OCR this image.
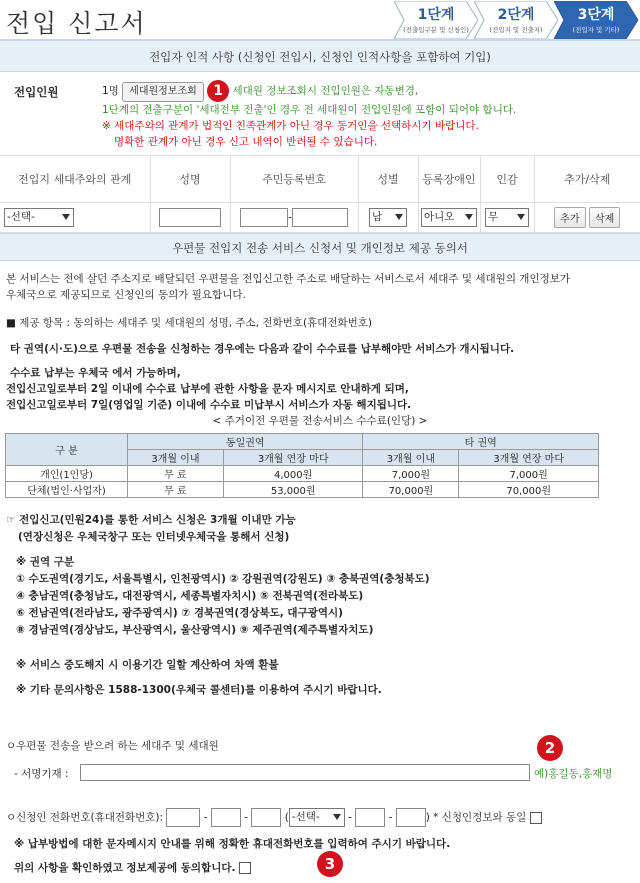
전입 신고서	1단계
(전출입구분 및 신청인)
2단계
(전입지 및 전출지)
3단계
(전입자 및 기타)
전입자 인적 사항 (신청인 전입시, 신청인 인적사항을 포함하여 기입)
전입인원	1명 세대원정보조회 1 세대원 정보조회시 전입인원은 자동변경,
1단계의 전출구분이 '세대전부 전출'인 경우 전 세대원이 전입인원에 포함이 되어야 합니다.
※ 세대주와의 관계가 법적인 친족관계가 아닌 경우 동거인을 선택하시기 바랍니다.
명확한 관계가 아닌 경우 신고 내역이 반려될 수 있습니다.
전입지 세대주와의 관계	성명	주민등록번호	성별	등록장애인	인감	추가/삭제
-선택-		-	남	아니오	무	추가 삭제
우편물 전입지 전송 서비스 신청서 및 개인정보 제공 동의서
본 서비스는 전에 살던 주소지로 배달되던 우편물을 전입신고한 주소로 배달하는 서비스로서 세대주 및 세대원의 개인정보가
우체국으로 제공되므로 신청인의 동의가 필요합니다.
■ 제공 항목 : 동의하는 세대주 및 세대원의 성명, 주소, 전화번호(휴대전화번호)
타 권역(시·도)으로 우편물 전송을 신청하는 경우에는 다음과 같이 수수료를 납부해야만 서비스가 개시됩니다.
수수료 납부는 우체국 에서 가능하며,
전입신고일로부터 2일 이내에 수수료 납부에 관한 사항을 문자 메시지로 안내하게 되며,
전입신고일로부터 7일(영업일 기준) 이내에 수수료 미납부시 서비스가 자동 해지됩니다.
< 주거이전 우편물 전송서비스 수수료(인당) >
구 분	동일권역		타 권역	
	3개월 이내	3개월 연장 마다	3개월 이내	3개월 연장 마다
개인(1인당)	무 료	4,000원	7,000원	7,000원
단체(법인·사업자)	무 료	53,000원	70,000원	70,000원
☞ 전입신고(민원24)를 통한 서비스 신청은 3개월 이내만 가능
(연장신청은 우체국창구 또는 인터넷우체국을 통해서 신청)
※ 권역 구분
① 수도권역(경기도, 서울특별시, 인천광역시) ② 강원권역(강원도) ③ 충북권역(충청북도)
④ 충남권역(충청남도, 대전광역시, 세종특별자치시) ⑤ 전북권역(전라북도)
⑥ 전남권역(전라남도, 광주광역시) ⑦ 경북권역(경상북도, 대구광역시)
⑧ 경남권역(경상남도, 부산광역시, 울산광역시) ⑨ 제주권역(제주특별자치도)
※ 서비스 중도해지 시 이용기간 일할 계산하여 차액 환불
※ 기타 문의사항은 1588-1300(우체국 콜센터)를 이용하여 주시기 바랍니다.
ㅇ우편물 전송을 받으려 하는 세대주 및 세대원	2
- 서명기재 :	예)홍길동,홍재명
ㅇ신청인 전화번호(휴대전화번호):	-	-	( -선택- -	-	) * 신청인정보와 동일
※ 납부방법에 대한 문자메시지 안내를 위해 정확한 휴대전화번호를 입력하여 주시기 바랍니다.
위의 사항을 확인하였고 정보제공에 동의합니다.	3
